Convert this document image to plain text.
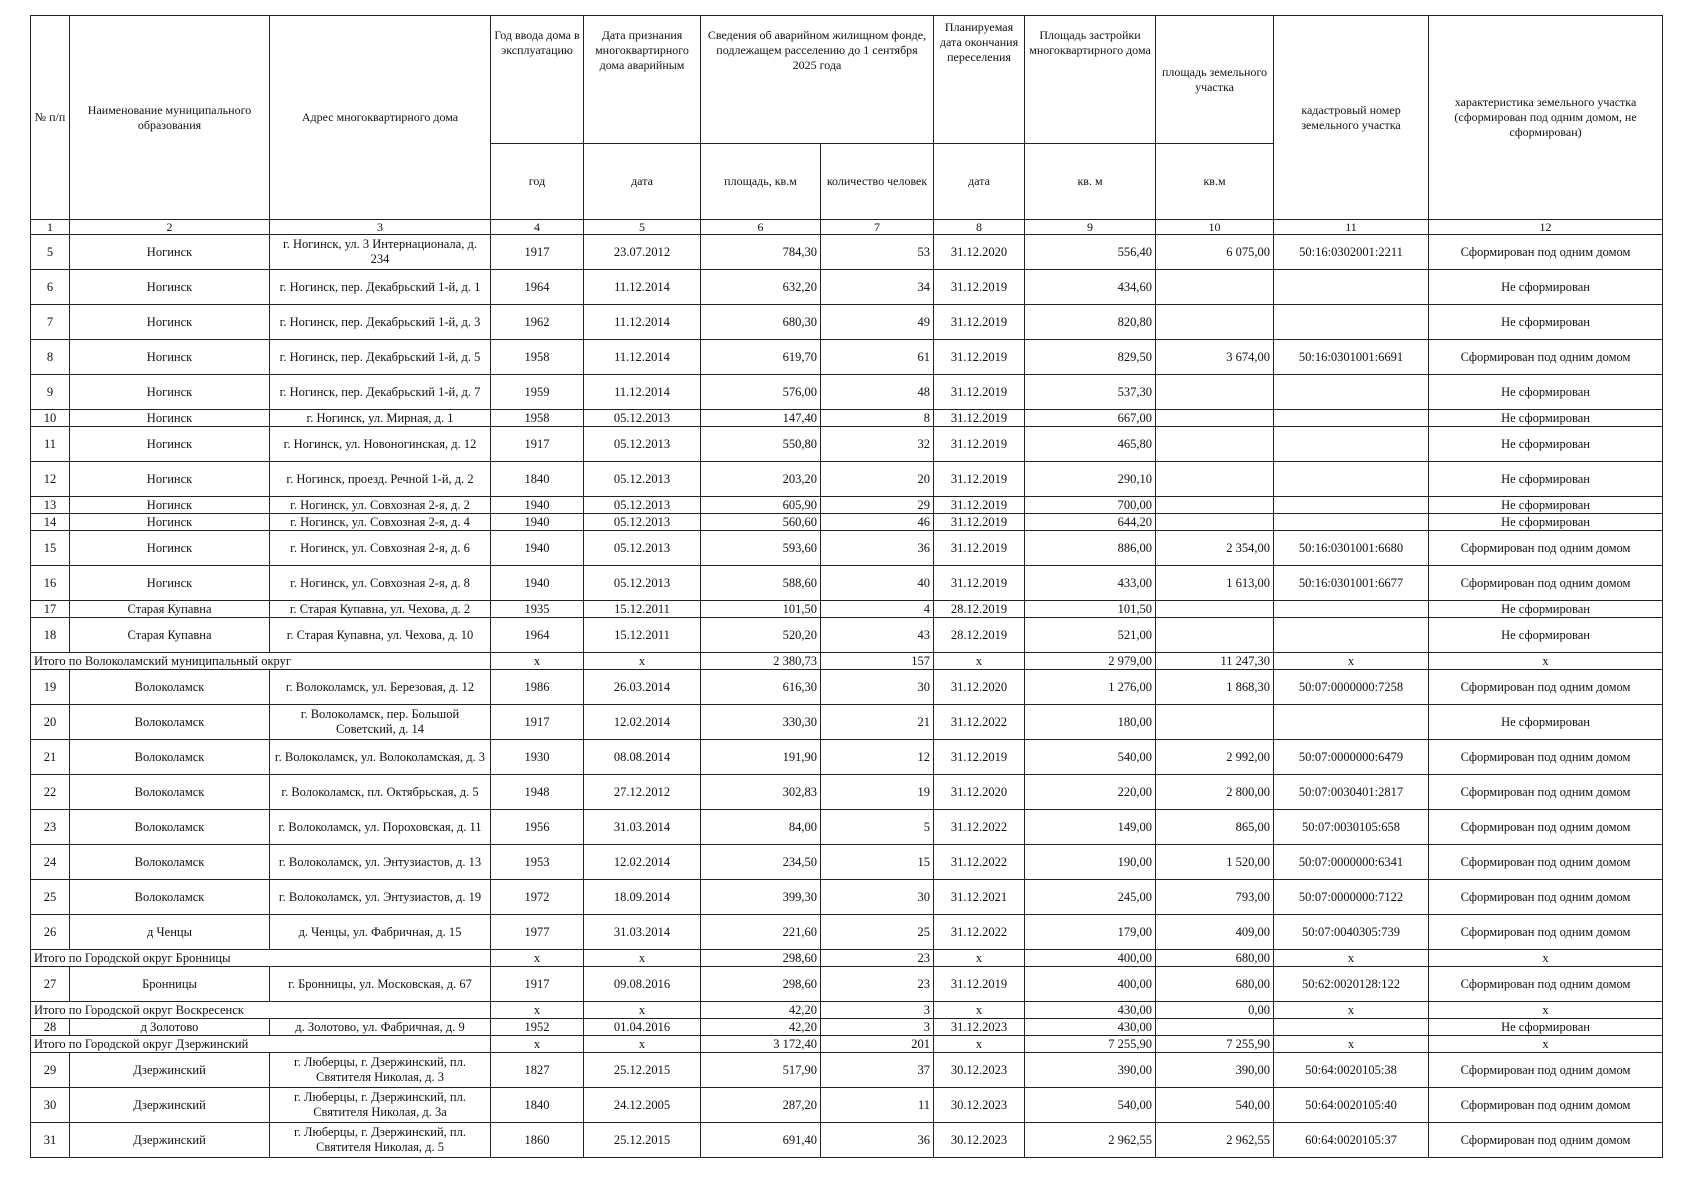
№ п/п	Наименование муниципального образования	Адрес многоквартирного дома	Год ввода дома в эксплуатацию	Дата признания многоквартирного дома аварийным	Сведения об аварийном жилищном фонде, подлежащем расселению до 1 сентября 2025 года		Планируемая дата окончания переселения	Площадь застройки многоквартирного дома	площадь земельного участка	кадастровый номер земельного участка	характеристика земельного участка (сформирован под одним домом, не сформирован)
			год	дата	площадь, кв.м	количество человек	дата	кв. м	кв.м		
1	2	3	4	5	6	7	8	9	10	11	12
5	Ногинск	г. Ногинск, ул. 3 Интернационала, д. 234	1917	23.07.2012	784,30	53	31.12.2020	556,40	6 075,00	50:16:0302001:2211	Сформирован под одним домом
6	Ногинск	г. Ногинск, пер. Декабрьский 1-й, д. 1	1964	11.12.2014	632,20	34	31.12.2019	434,60			Не сформирован
7	Ногинск	г. Ногинск, пер. Декабрьский 1-й, д. 3	1962	11.12.2014	680,30	49	31.12.2019	820,80			Не сформирован
8	Ногинск	г. Ногинск, пер. Декабрьский 1-й, д. 5	1958	11.12.2014	619,70	61	31.12.2019	829,50	3 674,00	50:16:0301001:6691	Сформирован под одним домом
9	Ногинск	г. Ногинск, пер. Декабрьский 1-й, д. 7	1959	11.12.2014	576,00	48	31.12.2019	537,30			Не сформирован
10	Ногинск	г. Ногинск, ул. Мирная, д. 1	1958	05.12.2013	147,40	8	31.12.2019	667,00			Не сформирован
11	Ногинск	г. Ногинск, ул. Новоногинская, д. 12	1917	05.12.2013	550,80	32	31.12.2019	465,80			Не сформирован
12	Ногинск	г. Ногинск, проезд. Речной 1-й, д. 2	1840	05.12.2013	203,20	20	31.12.2019	290,10			Не сформирован
13	Ногинск	г. Ногинск, ул. Совхозная 2-я, д. 2	1940	05.12.2013	605,90	29	31.12.2019	700,00			Не сформирован
14	Ногинск	г. Ногинск, ул. Совхозная 2-я, д. 4	1940	05.12.2013	560,60	46	31.12.2019	644,20			Не сформирован
15	Ногинск	г. Ногинск, ул. Совхозная 2-я, д. 6	1940	05.12.2013	593,60	36	31.12.2019	886,00	2 354,00	50:16:0301001:6680	Сформирован под одним домом
16	Ногинск	г. Ногинск, ул. Совхозная 2-я, д. 8	1940	05.12.2013	588,60	40	31.12.2019	433,00	1 613,00	50:16:0301001:6677	Сформирован под одним домом
17	Старая Купавна	г. Старая Купавна, ул. Чехова, д. 2	1935	15.12.2011	101,50	4	28.12.2019	101,50			Не сформирован
18	Старая Купавна	г. Старая Купавна, ул. Чехова, д. 10	1964	15.12.2011	520,20	43	28.12.2019	521,00			Не сформирован
Итого по Волоколамский муниципальный округ			х	х	2 380,73	157	х	2 979,00	11 247,30	х	х
19	Волоколамск	г. Волоколамск, ул. Березовая, д. 12	1986	26.03.2014	616,30	30	31.12.2020	1 276,00	1 868,30	50:07:0000000:7258	Сформирован под одним домом
20	Волоколамск	г. Волоколамск, пер. Большой Советский, д. 14	1917	12.02.2014	330,30	21	31.12.2022	180,00			Не сформирован
21	Волоколамск	г. Волоколамск, ул. Волоколамская, д. 3	1930	08.08.2014	191,90	12	31.12.2019	540,00	2 992,00	50:07:0000000:6479	Сформирован под одним домом
22	Волоколамск	г. Волоколамск, пл. Октябрьская, д. 5	1948	27.12.2012	302,83	19	31.12.2020	220,00	2 800,00	50:07:0030401:2817	Сформирован под одним домом
23	Волоколамск	г. Волоколамск, ул. Пороховская, д. 11	1956	31.03.2014	84,00	5	31.12.2022	149,00	865,00	50:07:0030105:658	Сформирован под одним домом
24	Волоколамск	г. Волоколамск, ул. Энтузиастов, д. 13	1953	12.02.2014	234,50	15	31.12.2022	190,00	1 520,00	50:07:0000000:6341	Сформирован под одним домом
25	Волоколамск	г. Волоколамск, ул. Энтузиастов, д. 19	1972	18.09.2014	399,30	30	31.12.2021	245,00	793,00	50:07:0000000:7122	Сформирован под одним домом
26	д Ченцы	д. Ченцы, ул. Фабричная, д. 15	1977	31.03.2014	221,60	25	31.12.2022	179,00	409,00	50:07:0040305:739	Сформирован под одним домом
Итого по Городской округ Бронницы			х	х	298,60	23	х	400,00	680,00	х	х
27	Бронницы	г. Бронницы, ул. Московская, д. 67	1917	09.08.2016	298,60	23	31.12.2019	400,00	680,00	50:62:0020128:122	Сформирован под одним домом
Итого по Городской округ Воскресенск			х	х	42,20	3	х	430,00	0,00	х	х
28	д Золотово	д. Золотово, ул. Фабричная, д. 9	1952	01.04.2016	42,20	3	31.12.2023	430,00			Не сформирован
Итого по Городской округ Дзержинский			х	х	3 172,40	201	х	7 255,90	7 255,90	х	х
29	Дзержинский	г. Люберцы, г. Дзержинский, пл. Святителя Николая, д. 3	1827	25.12.2015	517,90	37	30.12.2023	390,00	390,00	50:64:0020105:38	Сформирован под одним домом
30	Дзержинский	г. Люберцы, г. Дзержинский, пл. Святителя Николая, д. 3а	1840	24.12.2005	287,20	11	30.12.2023	540,00	540,00	50:64:0020105:40	Сформирован под одним домом
31	Дзержинский	г. Люберцы, г. Дзержинский, пл. Святителя Николая, д. 5	1860	25.12.2015	691,40	36	30.12.2023	2 962,55	2 962,55	60:64:0020105:37	Сформирован под одним домом
